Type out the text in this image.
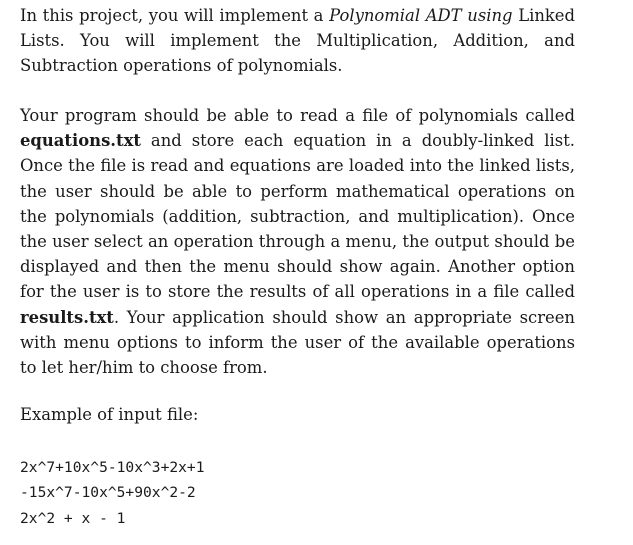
In this project, you will implement a Polynomial ADT using Linked Lists. You will implement the Multiplication, Addition, and Subtraction operations of polynomials.

Your program should be able to read a file of polynomials called equations.txt and store each equation in a doubly-linked list. Once the file is read and equations are loaded into the linked lists, the user should be able to perform mathematical operations on the polynomials (addition, subtraction, and multiplication). Once the user select an operation through a menu, the output should be displayed and then the menu should show again. Another option for the user is to store the results of all operations in a file called results.txt. Your application should show an appropriate screen with menu options to inform the user of the available operations to let her/him to choose from.

Example of input file:

2x^7+10x^5-10x^3+2x+1
-15x^7-10x^5+90x^2-2
2x^2 + x - 1
